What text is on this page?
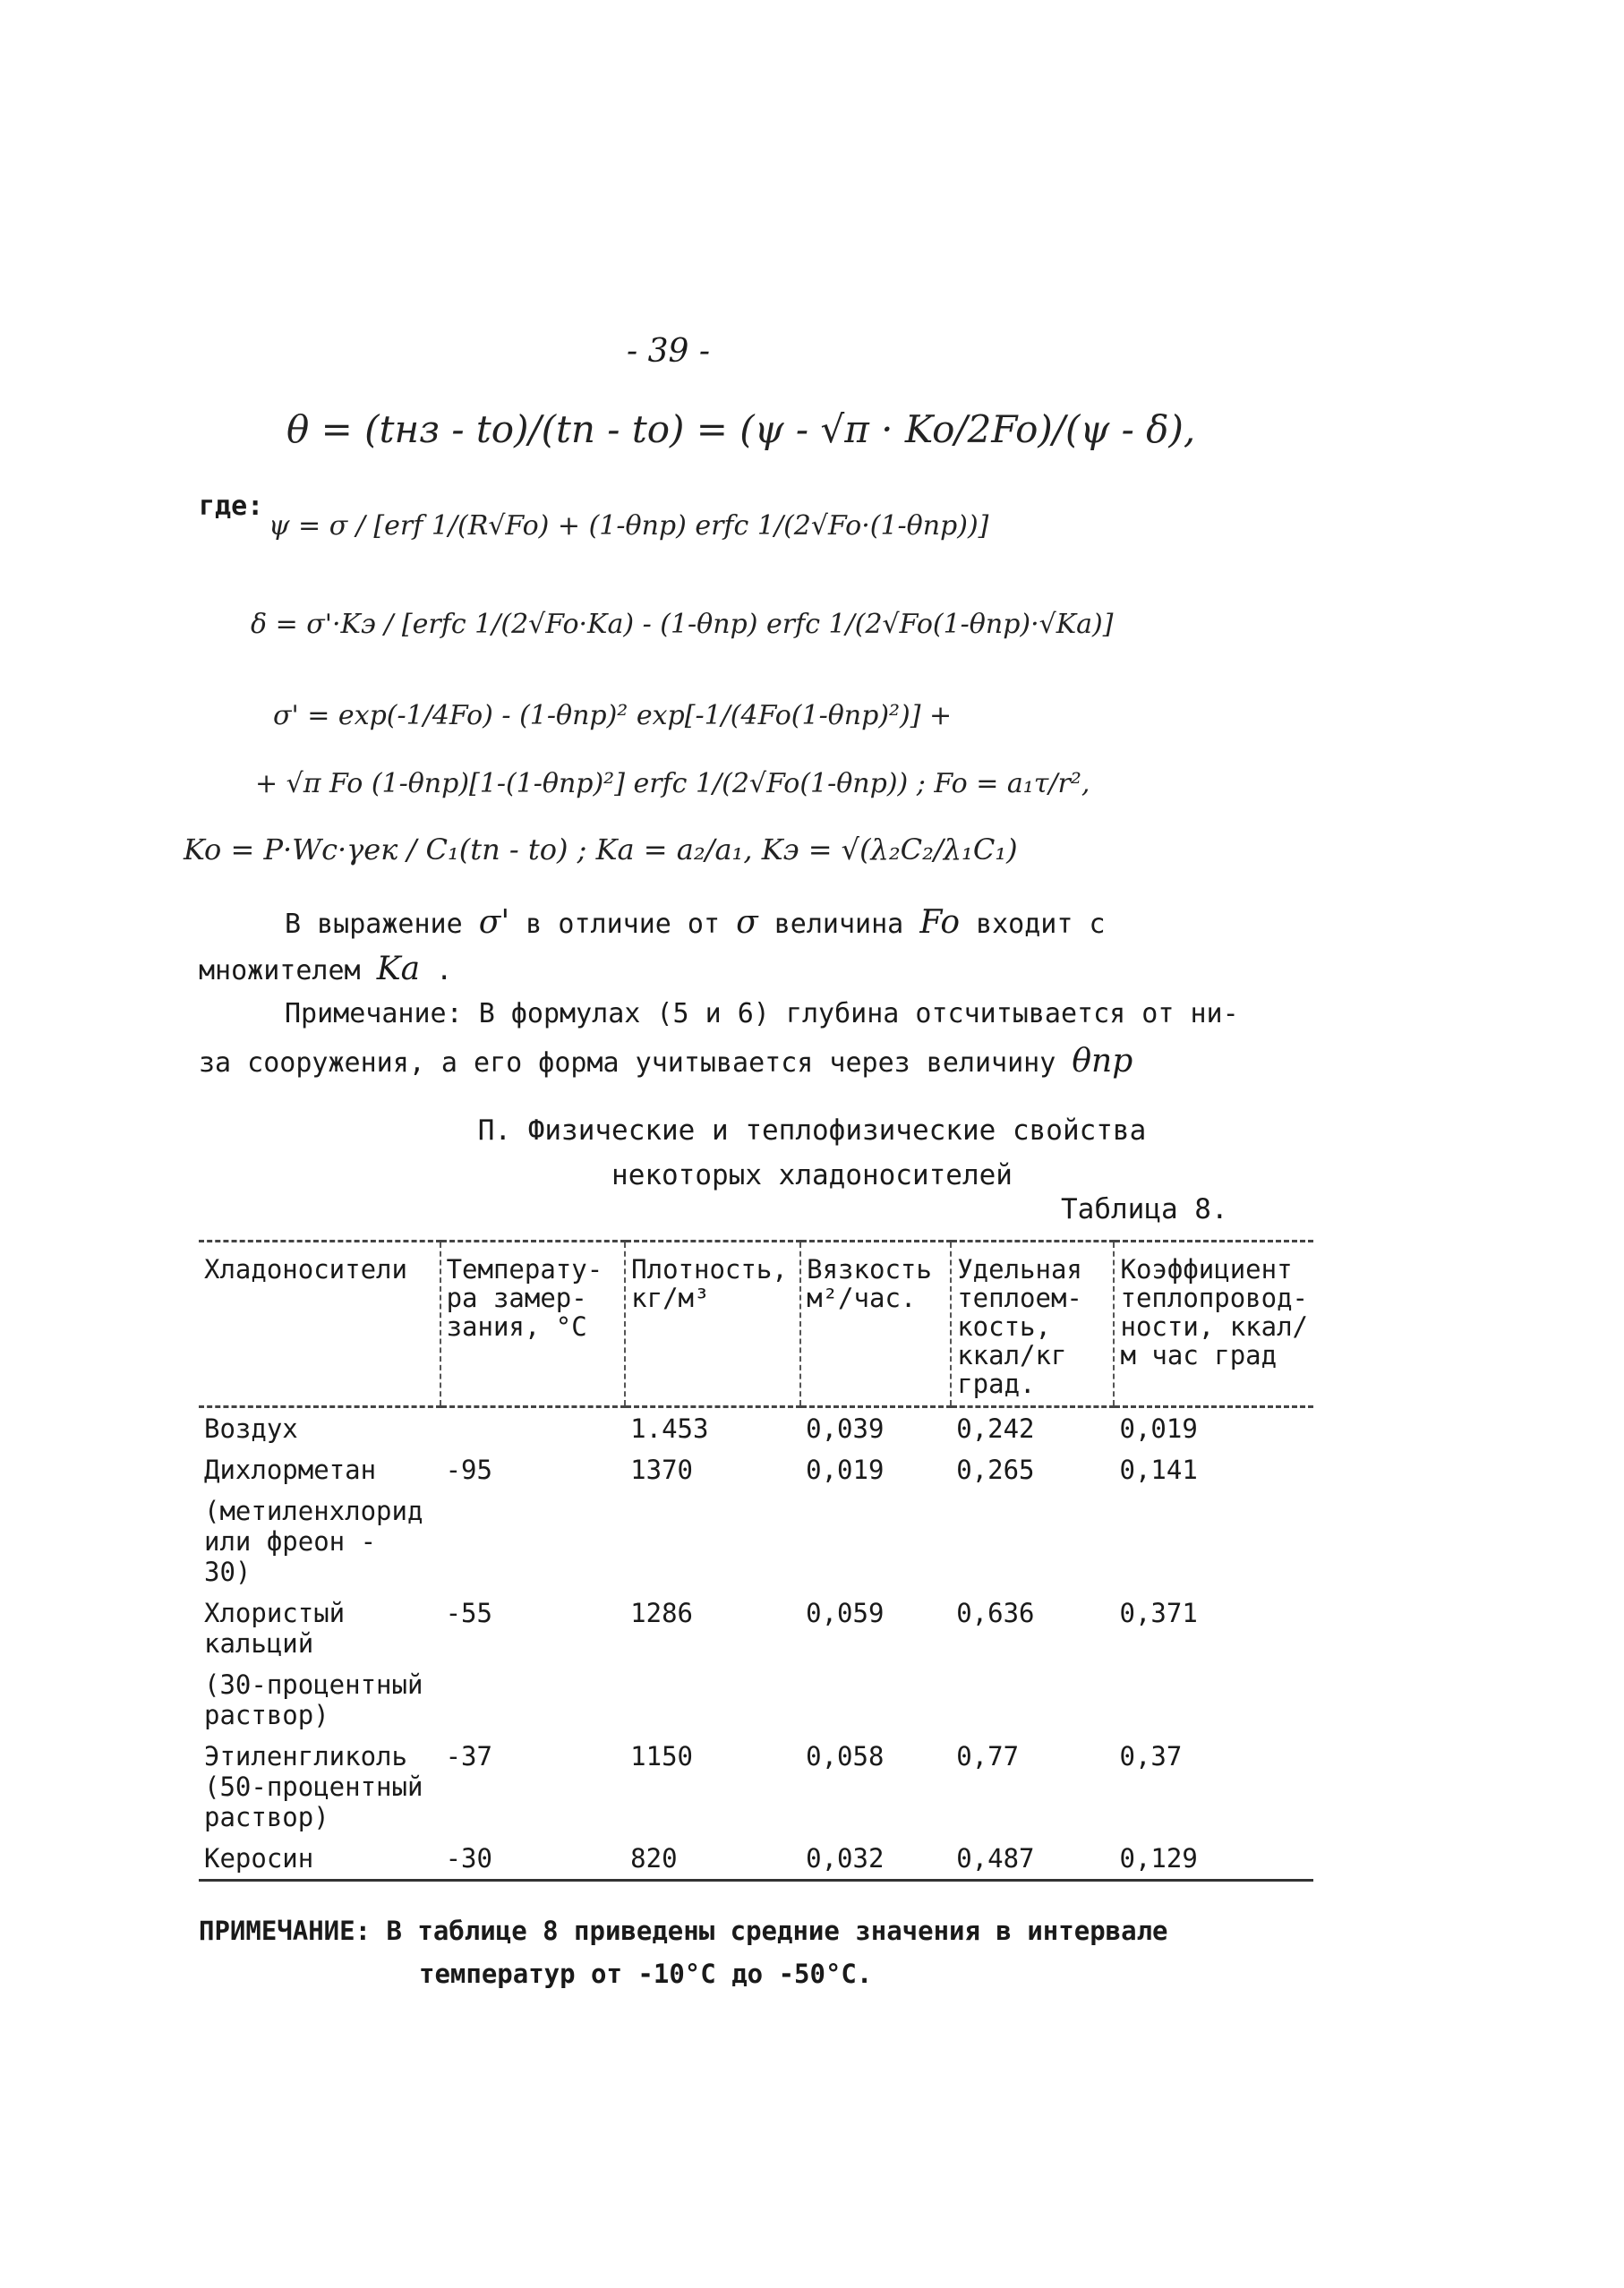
- 39 -
θ = (tнз - to)/(tп - to) = (ψ - √π · Ko/2Fo)/(ψ - δ),
где:
ψ = σ / [erf 1/(R√Fo) + (1-θпр) erfc 1/(2√Fo·(1-θпр))]
δ = σ'·Kэ / [erfc 1/(2√Fo·Ka) - (1-θпр) erfc 1/(2√Fo(1-θпр)·√Ka)]
σ' = exp(-1/4Fo) - (1-θпр)² exp[-1/(4Fo(1-θпр)²)] +
+ √π Fo (1-θпр)[1-(1-θпр)²] erfc 1/(2√Fo(1-θпр)) ; Fo = a₁τ/r²,
Ko = P·Wc·γек / C₁(tп - to) ; Ka = a₂/a₁, Kэ = √(λ₂C₂/λ₁C₁)
В выражение σ' в отличие от σ величина Fo входит с
множителем Ka .
Примечание: В формулах (5 и 6) глубина отсчитывается от ни-
за сооружения, а его форма учитывается через величину θпр
П. Физические и теплофизические свойства
некоторых хладоносителей
Таблица 8.
Хладоносители	Температу-ра замер-зания, °С	Плотность, кг/м³	Вязкость м²/час.	Удельная теплоем-кость, ккал/кг град.	Коэффициент теплопровод-ности, ккал/м час град
Воздух		1.453	0,039	0,242	0,019
Дихлорметан	-95	1370	0,019	0,265	0,141
(метиленхлорид или фреон - 30)					
Хлористый кальций	-55	1286	0,059	0,636	0,371
(30-процентный раствор)					
Этиленгликоль (50-процентный раствор)	-37	1150	0,058	0,77	0,37
Керосин	-30	820	0,032	0,487	0,129
ПРИМЕЧАНИЕ: В таблице 8 приведены средние значения в интервале
температур от -10°С до -50°С.
